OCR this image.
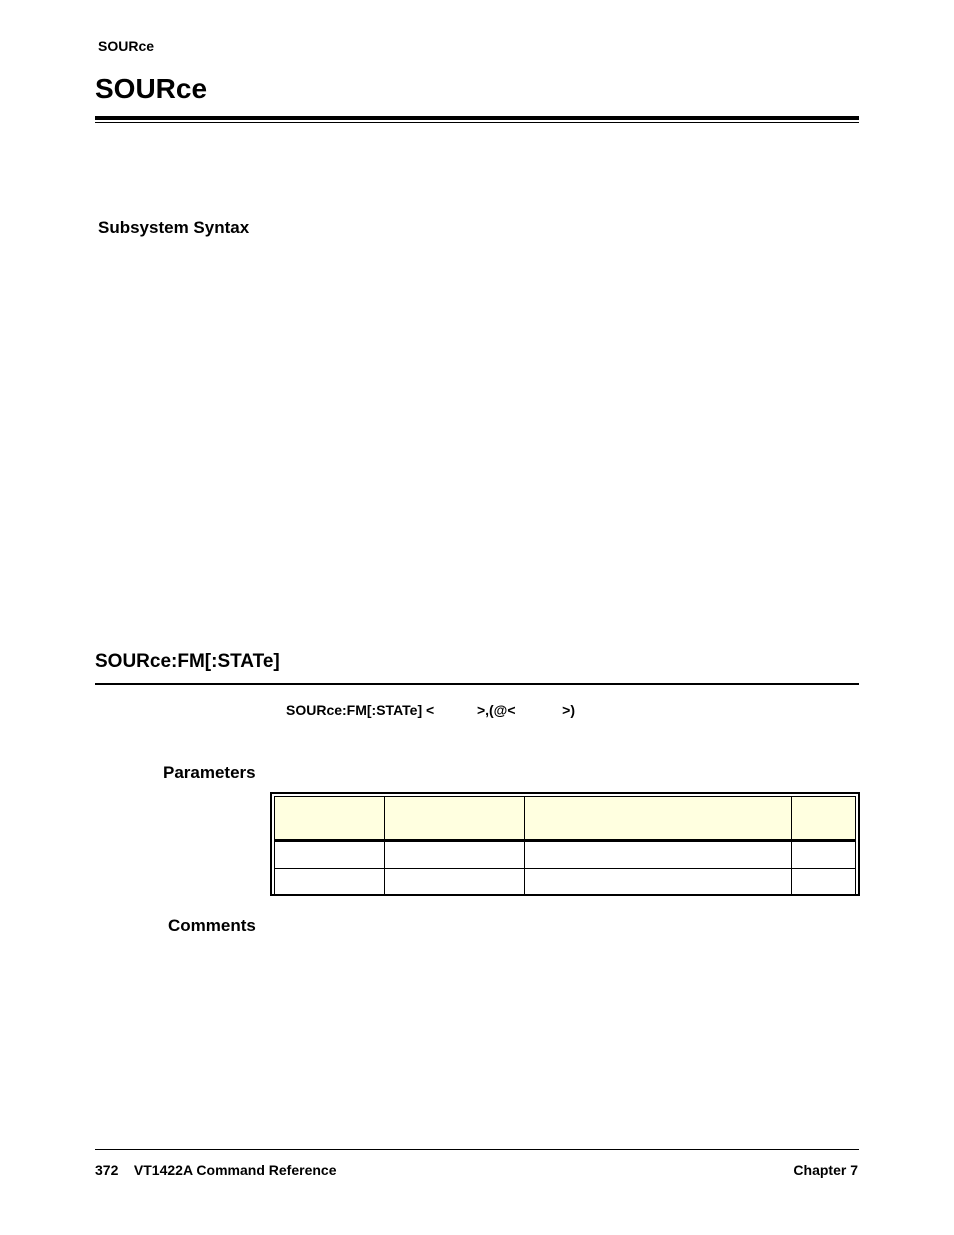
SOURce
SOURce
Subsystem Syntax
SOURce:FM[:STATe]
SOURce:FM[:STATe] <           >,(@<            >)
Parameters

Comments
372 VT1422A Command Reference	Chapter 7
